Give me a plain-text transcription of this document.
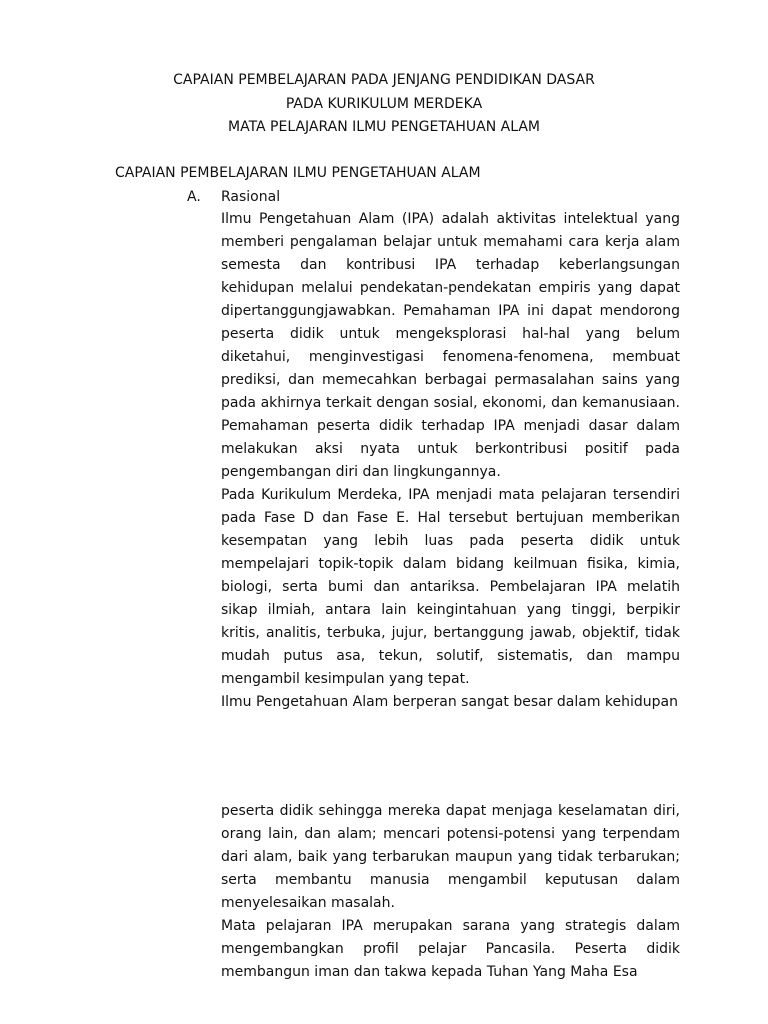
CAPAIAN PEMBELAJARAN PADA JENJANG PENDIDIKAN DASAR
PADA KURIKULUM MERDEKA
MATA PELAJARAN ILMU PENGETAHUAN ALAM
CAPAIAN PEMBELAJARAN ILMU PENGETAHUAN ALAM
A. Rasional

Ilmu Pengetahuan Alam (IPA) adalah aktivitas intelektual yang memberi pengalaman belajar untuk memahami cara kerja alam semesta dan kontribusi IPA terhadap keberlangsungan kehidupan melalui pendekatan-pendekatan empiris yang dapat dipertanggungjawabkan. Pemahaman IPA ini dapat mendorong peserta didik untuk mengeksplorasi hal-hal yang belum diketahui, menginvestigasi fenomena-fenomena, membuat prediksi, dan memecahkan berbagai permasalahan sains yang pada akhirnya terkait dengan sosial, ekonomi, dan kemanusiaan. Pemahaman peserta didik terhadap IPA menjadi dasar dalam melakukan aksi nyata untuk berkontribusi positif pada pengembangan diri dan lingkungannya.

Pada Kurikulum Merdeka, IPA menjadi mata pelajaran tersendiri pada Fase D dan Fase E. Hal tersebut bertujuan memberikan kesempatan yang lebih luas pada peserta didik untuk mempelajari topik-topik dalam bidang keilmuan fisika, kimia, biologi, serta bumi dan antariksa. Pembelajaran IPA melatih sikap ilmiah, antara lain keingintahuan yang tinggi, berpikir kritis, analitis, terbuka, jujur, bertanggung jawab, objektif, tidak mudah putus asa, tekun, solutif, sistematis, dan mampu mengambil kesimpulan yang tepat.

Ilmu Pengetahuan Alam berperan sangat besar dalam kehidupan

peserta didik sehingga mereka dapat menjaga keselamatan diri, orang lain, dan alam; mencari potensi-potensi yang terpendam dari alam, baik yang terbarukan maupun yang tidak terbarukan; serta membantu manusia mengambil keputusan dalam menyelesaikan masalah.

Mata pelajaran IPA merupakan sarana yang strategis dalam mengembangkan profil pelajar Pancasila. Peserta didik membangun iman dan takwa kepada Tuhan Yang Maha Esa
